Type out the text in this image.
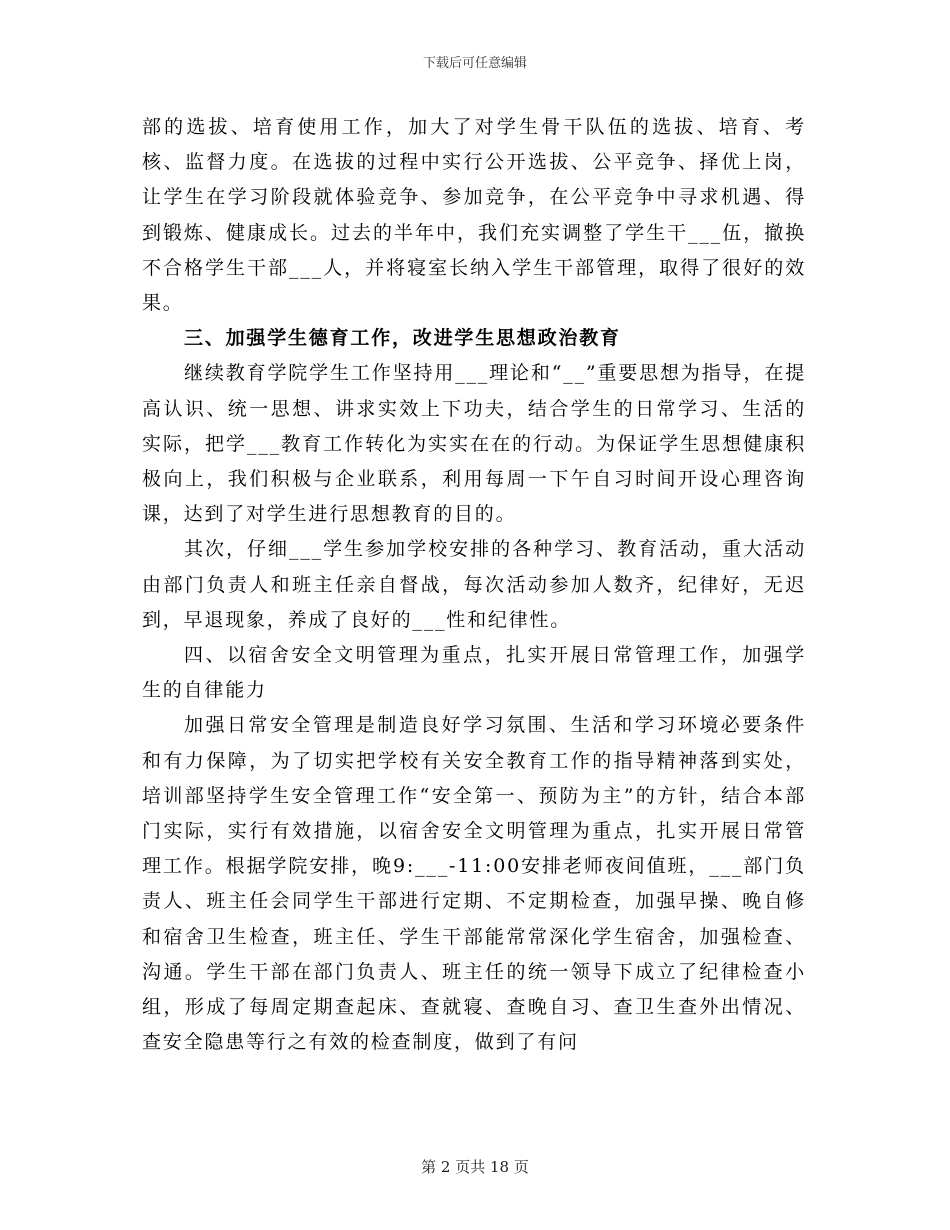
下载后可任意编辑

部的选拔、培育使用工作，加大了对学生骨干队伍的选拔、培育、考核、监督力度。在选拔的过程中实行公开选拔、公平竞争、择优上岗，让学生在学习阶段就体验竞争、参加竞争，在公平竞争中寻求机遇、得到锻炼、健康成长。过去的半年中，我们充实调整了学生干___伍，撤换不合格学生干部___人，并将寝室长纳入学生干部管理，取得了很好的效果。

三、加强学生德育工作，改进学生思想政治教育

继续教育学院学生工作坚持用___理论和“__”重要思想为指导，在提高认识、统一思想、讲求实效上下功夫，结合学生的日常学习、生活的实际，把学___教育工作转化为实实在在的行动。为保证学生思想健康积极向上，我们积极与企业联系，利用每周一下午自习时间开设心理咨询课，达到了对学生进行思想教育的目的。

其次，仔细___学生参加学校安排的各种学习、教育活动，重大活动由部门负责人和班主任亲自督战，每次活动参加人数齐，纪律好，无迟到，早退现象，养成了良好的___性和纪律性。

四、以宿舍安全文明管理为重点，扎实开展日常管理工作，加强学生的自律能力

加强日常安全管理是制造良好学习氛围、生活和学习环境必要条件和有力保障，为了切实把学校有关安全教育工作的指导精神落到实处，培训部坚持学生安全管理工作“安全第一、预防为主”的方针，结合本部门实际，实行有效措施，以宿舍安全文明管理为重点，扎实开展日常管理工作。根据学院安排，晚9:___-11:00安排老师夜间值班，___部门负责人、班主任会同学生干部进行定期、不定期检查，加强早操、晚自修和宿舍卫生检查，班主任、学生干部能常常深化学生宿舍，加强检查、沟通。学生干部在部门负责人、班主任的统一领导下成立了纪律检查小组，形成了每周定期查起床、查就寝、查晚自习、查卫生查外出情况、查安全隐患等行之有效的检查制度，做到了有问

第 2 页共 18 页
